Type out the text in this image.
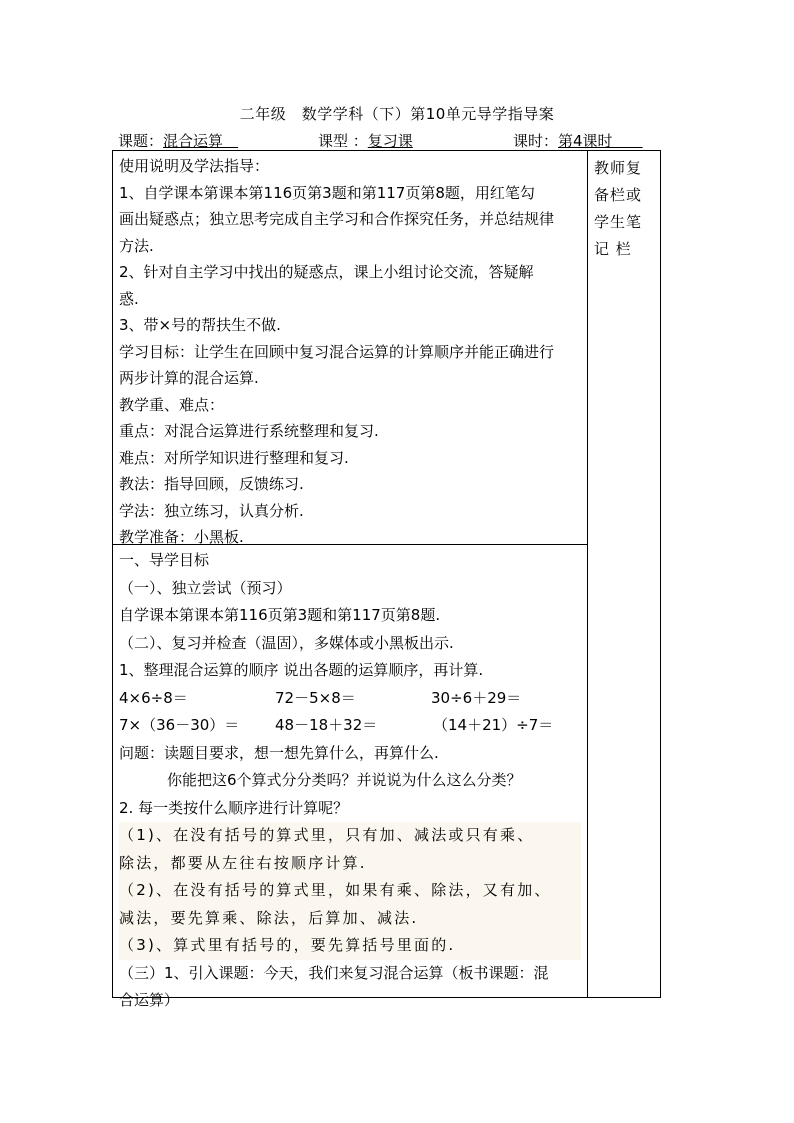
二年级　数学学科（下）第10单元导学指导案
课题：混合运算　	课型 ：复习课	课时：第4课时　　
使用说明及学法指导：
1、自学课本第课本第116页第3题和第117页第8题，用红笔勾
画出疑惑点；独立思考完成自主学习和合作探究任务，并总结规律
方法.
2、针对自主学习中找出的疑惑点，课上小组讨论交流，答疑解
惑.
3、带×号的帮扶生不做.
学习目标：让学生在回顾中复习混合运算的计算顺序并能正确进行
两步计算的混合运算.
教学重、难点：
重点：对混合运算进行系统整理和复习.
难点：对所学知识进行整理和复习.
教法：指导回顾，反馈练习.
学法：独立练习，认真分析.
教学准备：小黑板.

教师复
备栏或
学生笔
记 栏

一、导学目标
（一）、独立尝试（预习）
自学课本第课本第116页第3题和第117页第8题.
（二）、复习并检查（温固），多媒体或小黑板出示.
1、整理混合运算的顺序 说出各题的运算顺序，再计算.
4×6÷8＝	72－5×8＝	30÷6＋29＝
7×（36－30）＝	48－18＋32＝	（14＋21）÷7＝
问题：读题目要求，想一想先算什么，再算什么.
你能把这6个算式分分类吗？并说说为什么这么分类？
2. 每一类按什么顺序进行计算呢？
（1)、在没有括号的算式里，只有加、减法或只有乘、
除法，都要从左往右按顺序计算.
（2)、在没有括号的算式里，如果有乘、除法，又有加、
减法，要先算乘、除法，后算加、减法.
（3)、算式里有括号的，要先算括号里面的.
（三）1、引入课题：今天，我们来复习混合运算（板书课题：混
合运算）
